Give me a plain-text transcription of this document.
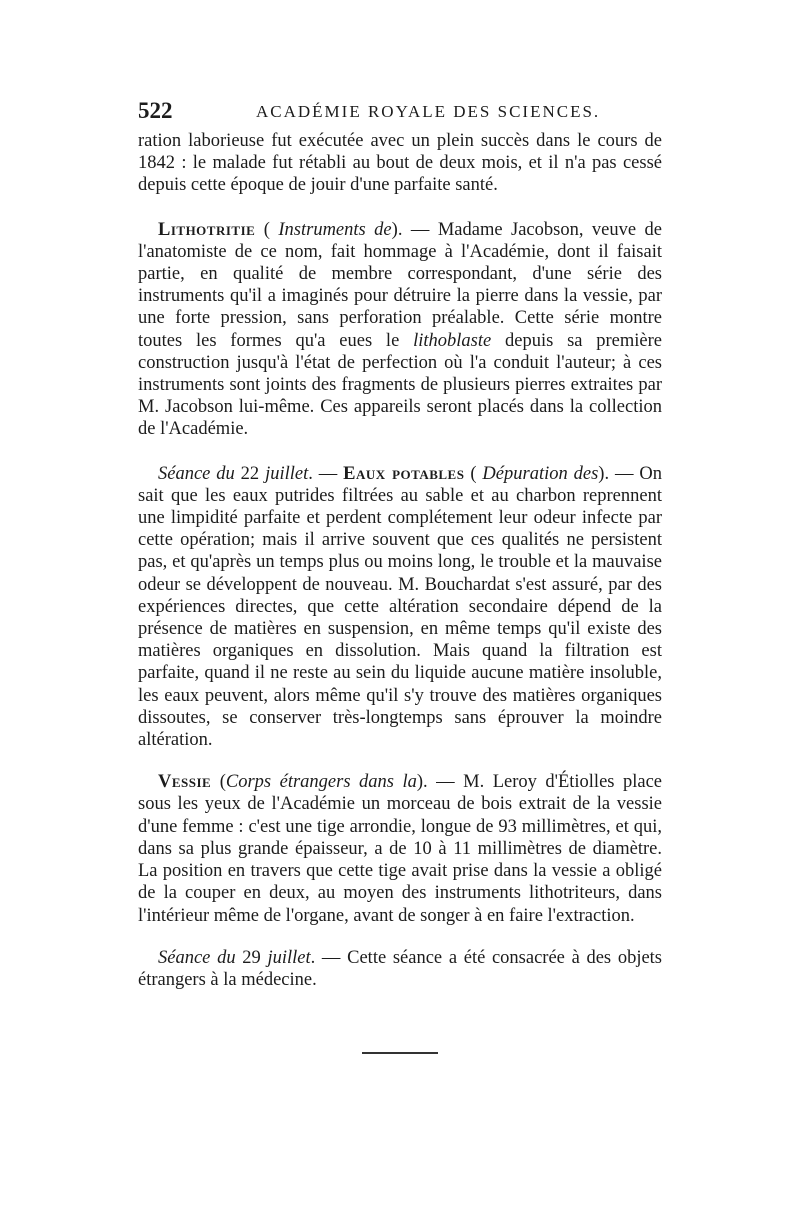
522	ACADÉMIE ROYALE DES SCIENCES.

ration laborieuse fut exécutée avec un plein succès dans le cours de 1842 : le malade fut rétabli au bout de deux mois, et il n'a pas cessé depuis cette époque de jouir d'une parfaite santé.

Lithotritie ( Instruments de). — Madame Jacobson, veuve de l'anatomiste de ce nom, fait hommage à l'Académie, dont il faisait partie, en qualité de membre correspondant, d'une série des instruments qu'il a imaginés pour détruire la pierre dans la vessie, par une forte pression, sans perforation préalable. Cette série montre toutes les formes qu'a eues le lithoblaste depuis sa première construction jusqu'à l'état de perfection où l'a conduit l'auteur; à ces instruments sont joints des fragments de plusieurs pierres extraites par M. Jacobson lui-même. Ces appareils seront placés dans la collection de l'Académie.

Séance du 22 juillet. — Eaux potables ( Dépuration des). — On sait que les eaux putrides filtrées au sable et au charbon reprennent une limpidité parfaite et perdent complétement leur odeur infecte par cette opération; mais il arrive souvent que ces qualités ne persistent pas, et qu'après un temps plus ou moins long, le trouble et la mauvaise odeur se développent de nouveau. M. Bouchardat s'est assuré, par des expériences directes, que cette altération secondaire dépend de la présence de matières en suspension, en même temps qu'il existe des matières organiques en dissolution. Mais quand la filtration est parfaite, quand il ne reste au sein du liquide aucune matière insoluble, les eaux peuvent, alors même qu'il s'y trouve des matières organiques dissoutes, se conserver très-longtemps sans éprouver la moindre altération.

Vessie (Corps étrangers dans la). — M. Leroy d'Étiolles place sous les yeux de l'Académie un morceau de bois extrait de la vessie d'une femme : c'est une tige arrondie, longue de 93 millimètres, et qui, dans sa plus grande épaisseur, a de 10 à 11 millimètres de diamètre. La position en travers que cette tige avait prise dans la vessie a obligé de la couper en deux, au moyen des instruments lithotriteurs, dans l'intérieur même de l'organe, avant de songer à en faire l'extraction.

Séance du 29 juillet. — Cette séance a été consacrée à des objets étrangers à la médecine.
